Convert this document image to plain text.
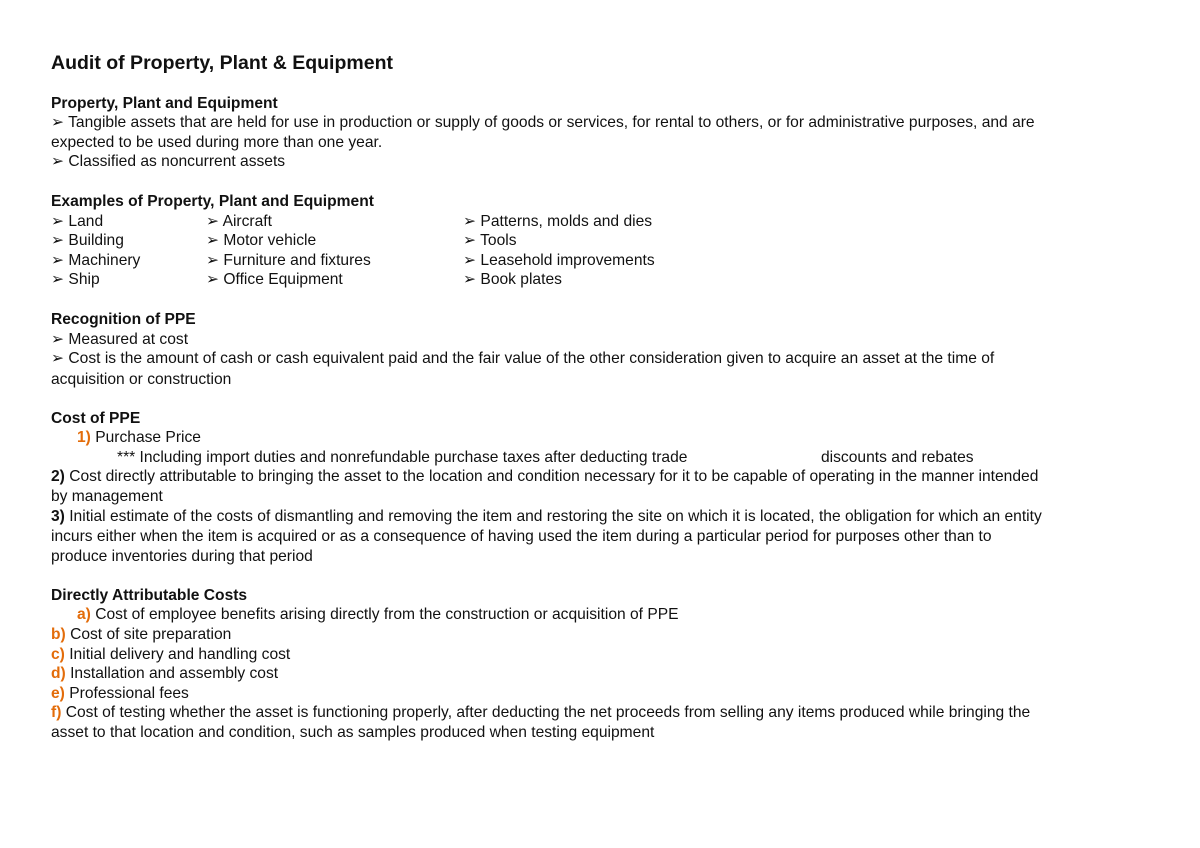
Audit of Property, Plant & Equipment
Property, Plant and Equipment
➢ Tangible assets that are held for use in production or supply of goods or services, for rental to others, or for administrative purposes, and are
expected to be used during more than one year.
➢ Classified as noncurrent assets
Examples of Property, Plant and Equipment
➢ Land
➢ Building
➢ Machinery
➢ Ship
➢ Aircraft
➢ Motor vehicle
➢ Furniture and fixtures
➢ Office Equipment
➢ Patterns, molds and dies
➢ Tools
➢ Leasehold improvements
➢ Book plates
Recognition of PPE
➢ Measured at cost
➢ Cost is the amount of cash or cash equivalent paid and the fair value of the other consideration given to acquire an asset at the time of
acquisition or construction
Cost of PPE
1) Purchase Price
*** Including import duties and nonrefundable purchase taxes after deducting trade	discounts and rebates
2) Cost directly attributable to bringing the asset to the location and condition necessary for it to be capable of operating in the manner intended
by management
3) Initial estimate of the costs of dismantling and removing the item and restoring the site on which it is located, the obligation for which an entity
incurs either when the item is acquired or as a consequence of having used the item during a particular period for purposes other than to
produce inventories during that period
Directly Attributable Costs
a) Cost of employee benefits arising directly from the construction or acquisition of PPE
b) Cost of site preparation
c) Initial delivery and handling cost
d) Installation and assembly cost
e) Professional fees
f) Cost of testing whether the asset is functioning properly, after deducting the net proceeds from selling any items produced while bringing the
asset to that location and condition, such as samples produced when testing equipment
